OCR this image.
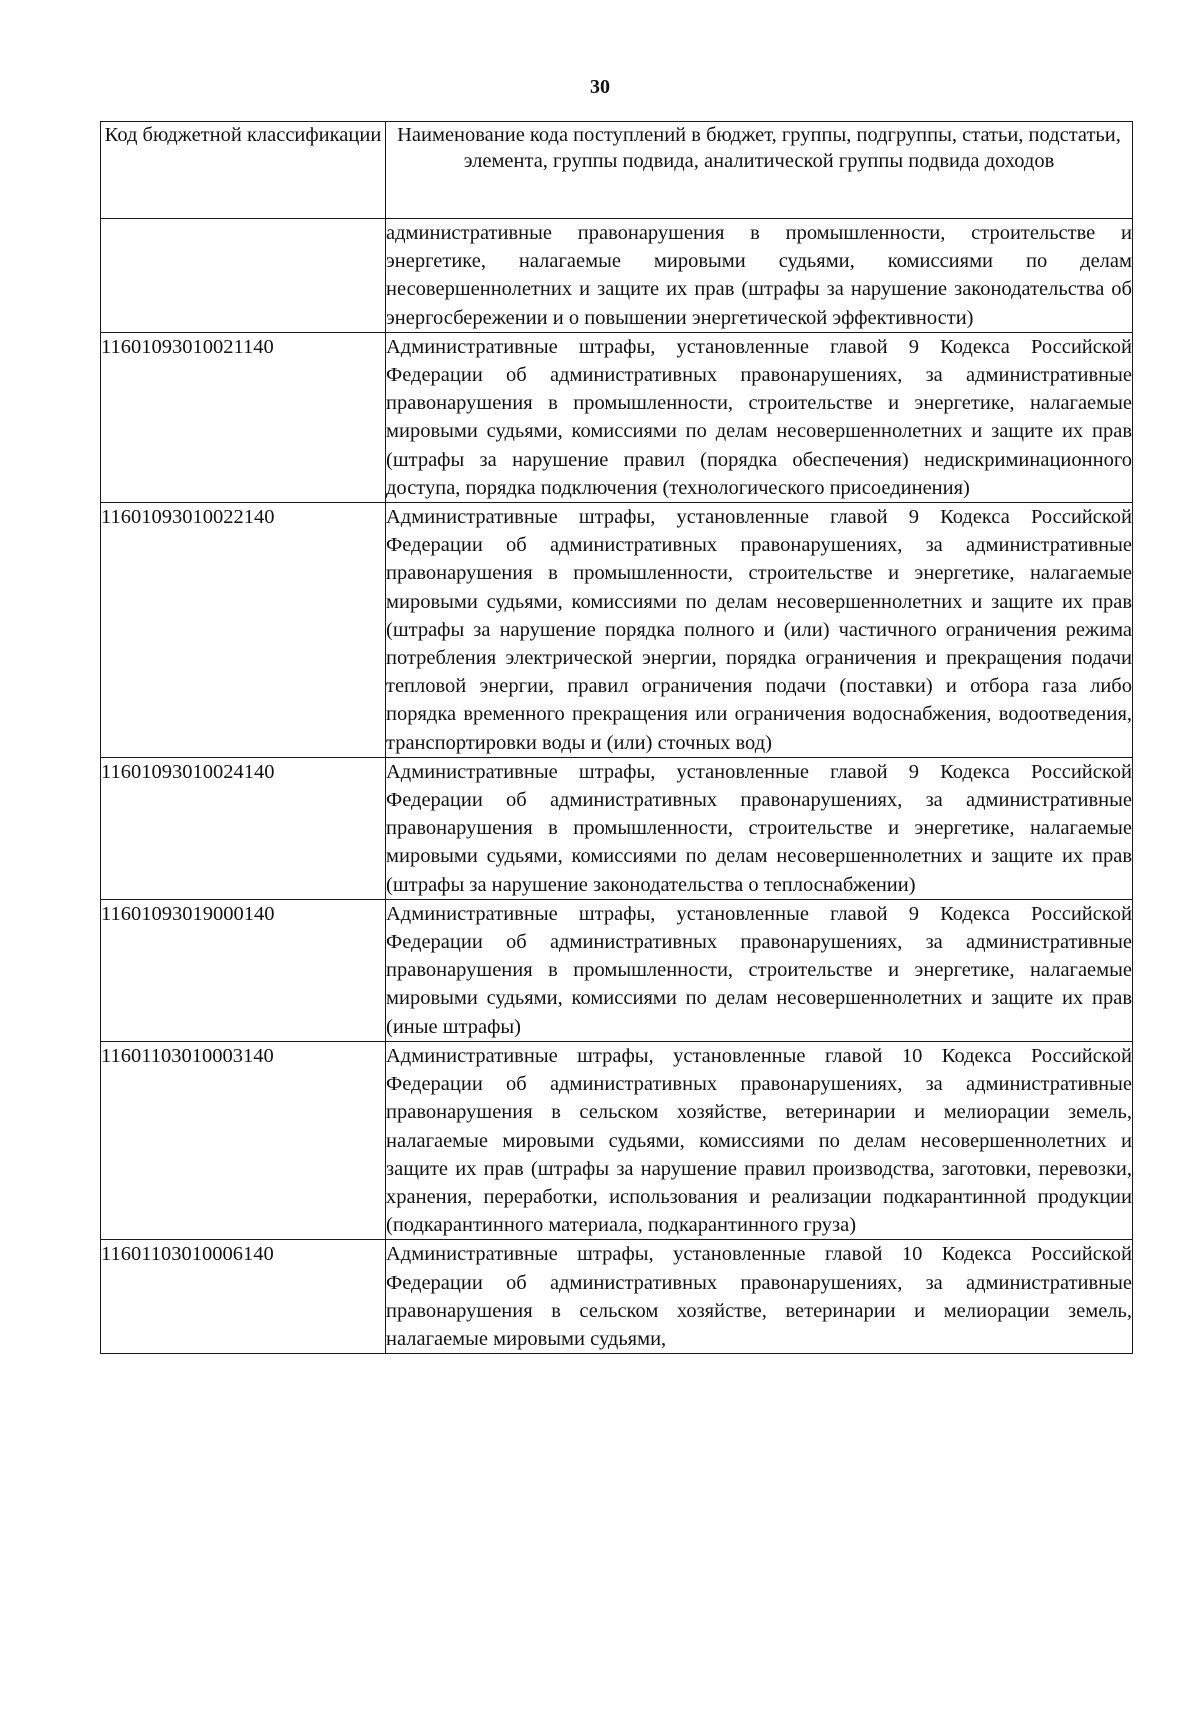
30
Код бюджетной классификации	Наименование кода поступлений в бюджет, группы, подгруппы, статьи, подстатьи, элемента, группы подвида, аналитической группы подвида доходов
	административные правонарушения в промышленности, строительстве и энергетике, налагаемые мировыми судьями, комиссиями по делам несовершеннолетних и защите их прав (штрафы за нарушение законодательства об энергосбережении и о повышении энергетической эффективности)
11601093010021140	Административные штрафы, установленные главой 9 Кодекса Российской Федерации об административных правонарушениях, за административные правонарушения в промышленности, строительстве и энергетике, налагаемые мировыми судьями, комиссиями по делам несовершеннолетних и защите их прав (штрафы за нарушение правил (порядка обеспечения) недискриминационного доступа, порядка подключения (технологического присоединения)
11601093010022140	Административные штрафы, установленные главой 9 Кодекса Российской Федерации об административных правонарушениях, за административные правонарушения в промышленности, строительстве и энергетике, налагаемые мировыми судьями, комиссиями по делам несовершеннолетних и защите их прав (штрафы за нарушение порядка полного и (или) частичного ограничения режима потребления электрической энергии, порядка ограничения и прекращения подачи тепловой энергии, правил ограничения подачи (поставки) и отбора газа либо порядка временного прекращения или ограничения водоснабжения, водоотведения, транспортировки воды и (или) сточных вод)
11601093010024140	Административные штрафы, установленные главой 9 Кодекса Российской Федерации об административных правонарушениях, за административные правонарушения в промышленности, строительстве и энергетике, налагаемые мировыми судьями, комиссиями по делам несовершеннолетних и защите их прав (штрафы за нарушение законодательства о теплоснабжении)
11601093019000140	Административные штрафы, установленные главой 9 Кодекса Российской Федерации об административных правонарушениях, за административные правонарушения в промышленности, строительстве и энергетике, налагаемые мировыми судьями, комиссиями по делам несовершеннолетних и защите их прав (иные штрафы)
11601103010003140	Административные штрафы, установленные главой 10 Кодекса Российской Федерации об административных правонарушениях, за административные правонарушения в сельском хозяйстве, ветеринарии и мелиорации земель, налагаемые мировыми судьями, комиссиями по делам несовершеннолетних и защите их прав (штрафы за нарушение правил производства, заготовки, перевозки, хранения, переработки, использования и реализации подкарантинной продукции (подкарантинного материала, подкарантинного груза)
11601103010006140	Административные штрафы, установленные главой 10 Кодекса Российской Федерации об административных правонарушениях, за административные правонарушения в сельском хозяйстве, ветеринарии и мелиорации земель, налагаемые мировыми судьями,
